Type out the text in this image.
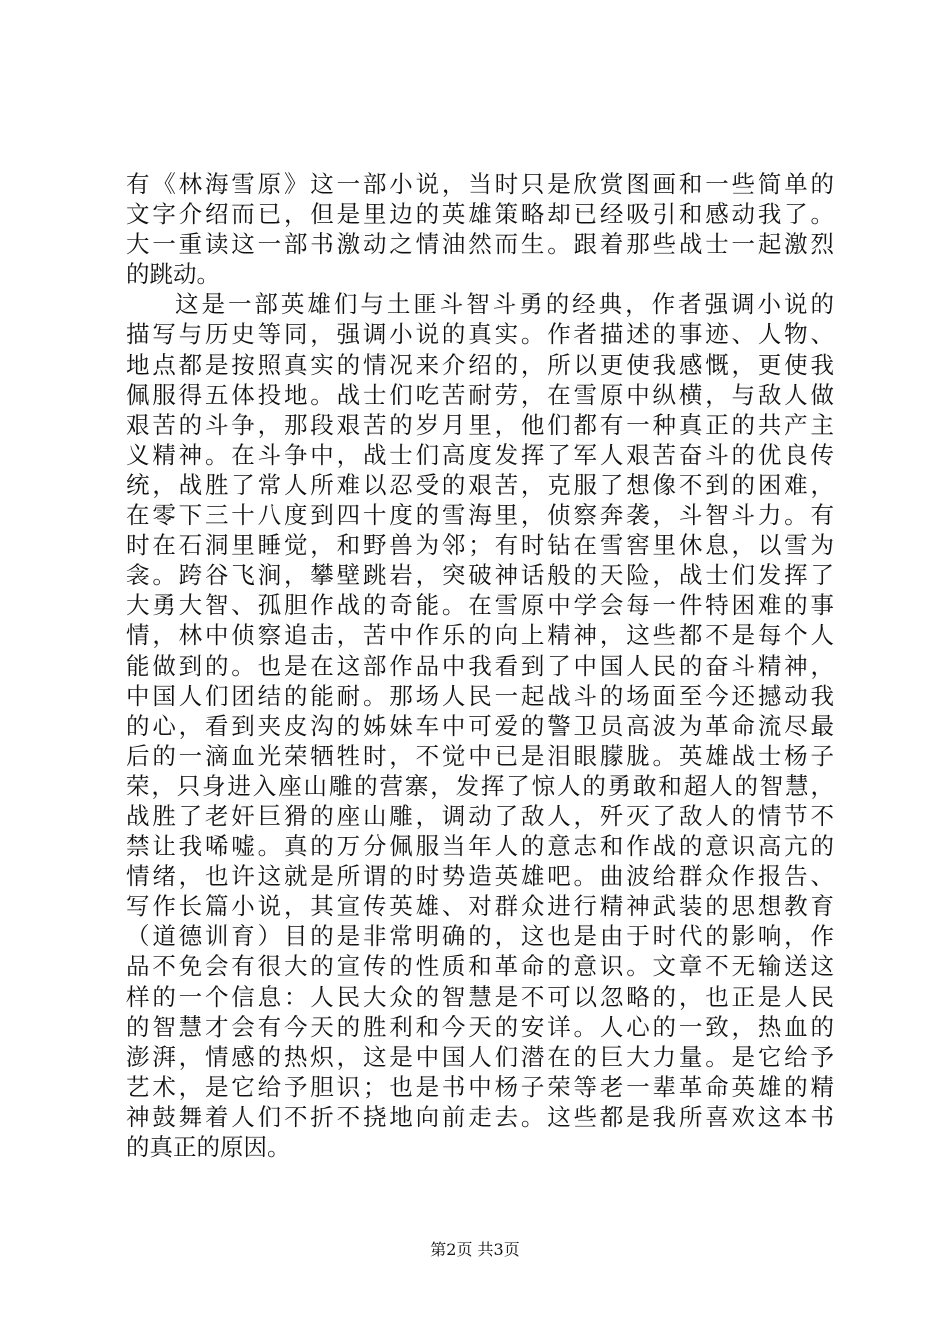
有《林海雪原》这一部小说，当时只是欣赏图画和一些简单的
文字介绍而已，但是里边的英雄策略却已经吸引和感动我了。
大一重读这一部书激动之情油然而生。跟着那些战士一起激烈
的跳动。
这是一部英雄们与土匪斗智斗勇的经典，作者强调小说的
描写与历史等同，强调小说的真实。作者描述的事迹、人物、
地点都是按照真实的情况来介绍的，所以更使我感慨，更使我
佩服得五体投地。战士们吃苦耐劳，在雪原中纵横，与敌人做
艰苦的斗争，那段艰苦的岁月里，他们都有一种真正的共产主
义精神。在斗争中，战士们高度发挥了军人艰苦奋斗的优良传
统，战胜了常人所难以忍受的艰苦，克服了想像不到的困难，
在零下三十八度到四十度的雪海里，侦察奔袭，斗智斗力。有
时在石洞里睡觉，和野兽为邻；有时钻在雪窖里休息，以雪为
衾。跨谷飞涧，攀壁跳岩，突破神话般的天险，战士们发挥了
大勇大智、孤胆作战的奇能。在雪原中学会每一件特困难的事
情，林中侦察追击，苦中作乐的向上精神，这些都不是每个人
能做到的。也是在这部作品中我看到了中国人民的奋斗精神，
中国人们团结的能耐。那场人民一起战斗的场面至今还撼动我
的心，看到夹皮沟的姊妹车中可爱的警卫员高波为革命流尽最
后的一滴血光荣牺牲时，不觉中已是泪眼朦胧。英雄战士杨子
荣，只身进入座山雕的营寨，发挥了惊人的勇敢和超人的智慧，
战胜了老奸巨猾的座山雕，调动了敌人，歼灭了敌人的情节不
禁让我唏嘘。真的万分佩服当年人的意志和作战的意识高亢的
情绪，也许这就是所谓的时势造英雄吧。曲波给群众作报告、
写作长篇小说，其宣传英雄、对群众进行精神武装的思想教育
（道德训育）目的是非常明确的，这也是由于时代的影响，作
品不免会有很大的宣传的性质和革命的意识。文章不无输送这
样的一个信息：人民大众的智慧是不可以忽略的，也正是人民
的智慧才会有今天的胜利和今天的安详。人心的一致，热血的
澎湃，情感的热炽，这是中国人们潜在的巨大力量。是它给予
艺术，是它给予胆识；也是书中杨子荣等老一辈革命英雄的精
神鼓舞着人们不折不挠地向前走去。这些都是我所喜欢这本书
的真正的原因。
第2页 共3页
